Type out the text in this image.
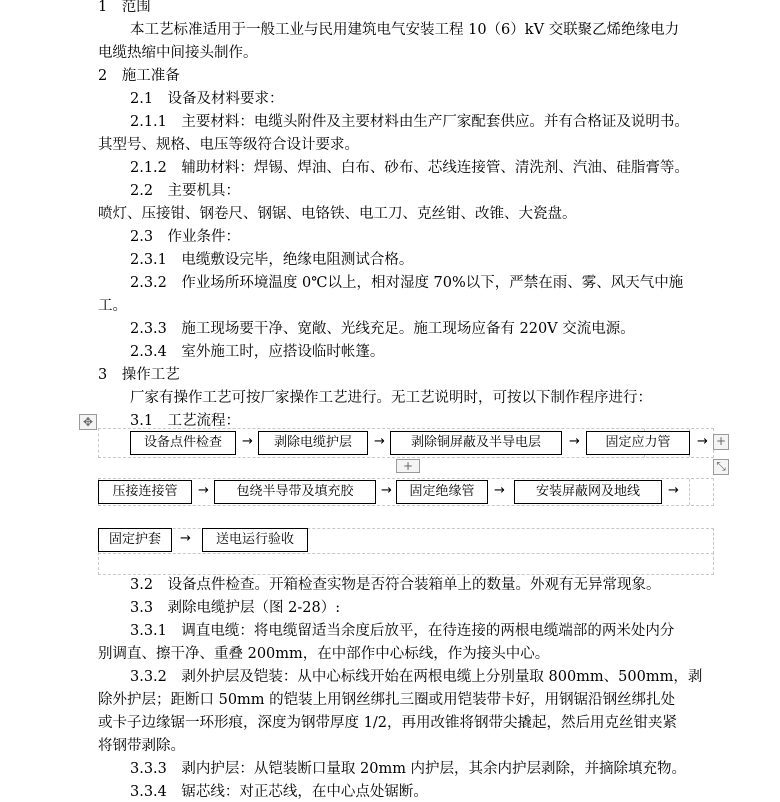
1　范围
本工艺标准适用于一般工业与民用建筑电气安装工程 10（6）kV 交联聚乙烯绝缘电力
电缆热缩中间接头制作。
2　施工准备
2.1　设备及材料要求：
2.1.1　主要材料：电缆头附件及主要材料由生产厂家配套供应。并有合格证及说明书。
其型号、规格、电压等级符合设计要求。
2.1.2　辅助材料：焊锡、焊油、白布、砂布、芯线连接管、清洗剂、汽油、硅脂膏等。
2.2　主要机具：
喷灯、压接钳、钢卷尺、钢锯、电铬铁、电工刀、克丝钳、改锥、大瓷盘。
2.3　作业条件：
2.3.1　电缆敷设完毕，绝缘电阻测试合格。
2.3.2　作业场所环境温度 0℃以上，相对湿度 70%以下，严禁在雨、雾、风天气中施
工。
2.3.3　施工现场要干净、宽敞、光线充足。施工现场应备有 220V 交流电源。
2.3.4　室外施工时，应搭设临时帐篷。
3　操作工艺
厂家有操作工艺可按厂家操作工艺进行。无工艺说明时，可按以下制作程序进行：
3.1　工艺流程：
✥
设备点件检查	→	剥除电缆护层	→	剥除铜屏蔽及半导电层	→	固定应力管	→ +
+	⤡
压接连接管	→	包绕半导带及填充胶	→	固定绝缘管	→	安装屏蔽网及地线	→
固定护套	→	送电运行验收
3.2　设备点件检查。开箱检查实物是否符合装箱单上的数量。外观有无异常现象。
3.3　剥除电缆护层（图 2-28）:
3.3.1　调直电缆：将电缆留适当余度后放平，在待连接的两根电缆端部的两米处内分
别调直、擦干净、重叠 200mm，在中部作中心标线，作为接头中心。
3.3.2　剥外护层及铠装：从中心标线开始在两根电缆上分别量取 800mm、500mm，剥
除外护层；距断口 50mm 的铠装上用钢丝绑扎三圈或用铠装带卡好，用钢锯沿钢丝绑扎处
或卡子边缘锯一环形痕，深度为钢带厚度 1/2，再用改锥将钢带尖撬起，然后用克丝钳夹紧
将钢带剥除。
3.3.3　剥内护层：从铠装断口量取 20mm 内护层，其余内护层剥除，并摘除填充物。
3.3.4　锯芯线：对正芯线，在中心点处锯断。
